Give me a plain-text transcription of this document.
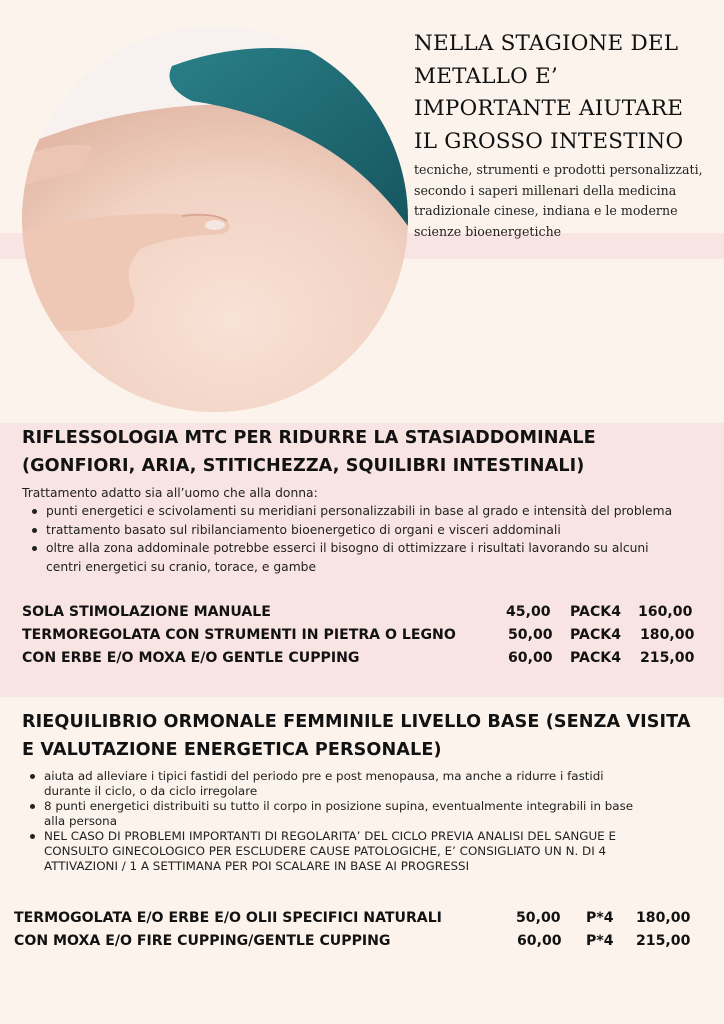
NELLA STAGIONE DEL
METALLO E’
IMPORTANTE AIUTARE
IL GROSSO INTESTINO
tecniche, strumenti e prodotti personalizzati,
secondo i saperi millenari della medicina
tradizionale cinese, indiana e le moderne
scienze bioenergetiche
RIFLESSOLOGIA MTC PER RIDURRE LA STASIADDOMINALE
(GONFIORI, ARIA, STITICHEZZA, SQUILIBRI INTESTINALI)
Trattamento adatto sia all’uomo che alla donna:
punti energetici e scivolamenti su meridiani personalizzabili in base al grado e intensità del problema
trattamento basato sul ribilanciamento bioenergetico di organi e visceri addominali
oltre alla zona addominale potrebbe esserci il bisogno di ottimizzare i risultati lavorando su alcuni
centri energetici su cranio, torace, e gambe
SOLA STIMOLAZIONE MANUALE	45,00 PACK4 160,00
TERMOREGOLATA CON STRUMENTI IN PIETRA O LEGNO	50,00 PACK4 180,00
CON ERBE E/O MOXA E/O GENTLE CUPPING	60,00 PACK4 215,00
RIEQUILIBRIO ORMONALE FEMMINILE LIVELLO BASE (SENZA VISITA
E VALUTAZIONE ENERGETICA PERSONALE)
aiuta ad alleviare i tipici fastidi del periodo pre e post menopausa, ma anche a ridurre i fastidi
durante il ciclo, o da ciclo irregolare
8 punti energetici distribuiti su tutto il corpo in posizione supina, eventualmente integrabili in base
alla persona
NEL CASO DI PROBLEMI IMPORTANTI DI REGOLARITA’ DEL CICLO PREVIA ANALISI DEL SANGUE E
CONSULTO GINECOLOGICO PER ESCLUDERE CAUSE PATOLOGICHE, E’ CONSIGLIATO UN N. DI 4
ATTIVAZIONI / 1 A SETTIMANA PER POI SCALARE IN BASE AI PROGRESSI
TERMOGOLATA E/O ERBE E/O OLII SPECIFICI NATURALI	50,00 P*4 180,00
CON MOXA E/O FIRE CUPPING/GENTLE CUPPING	60,00 P*4 215,00
